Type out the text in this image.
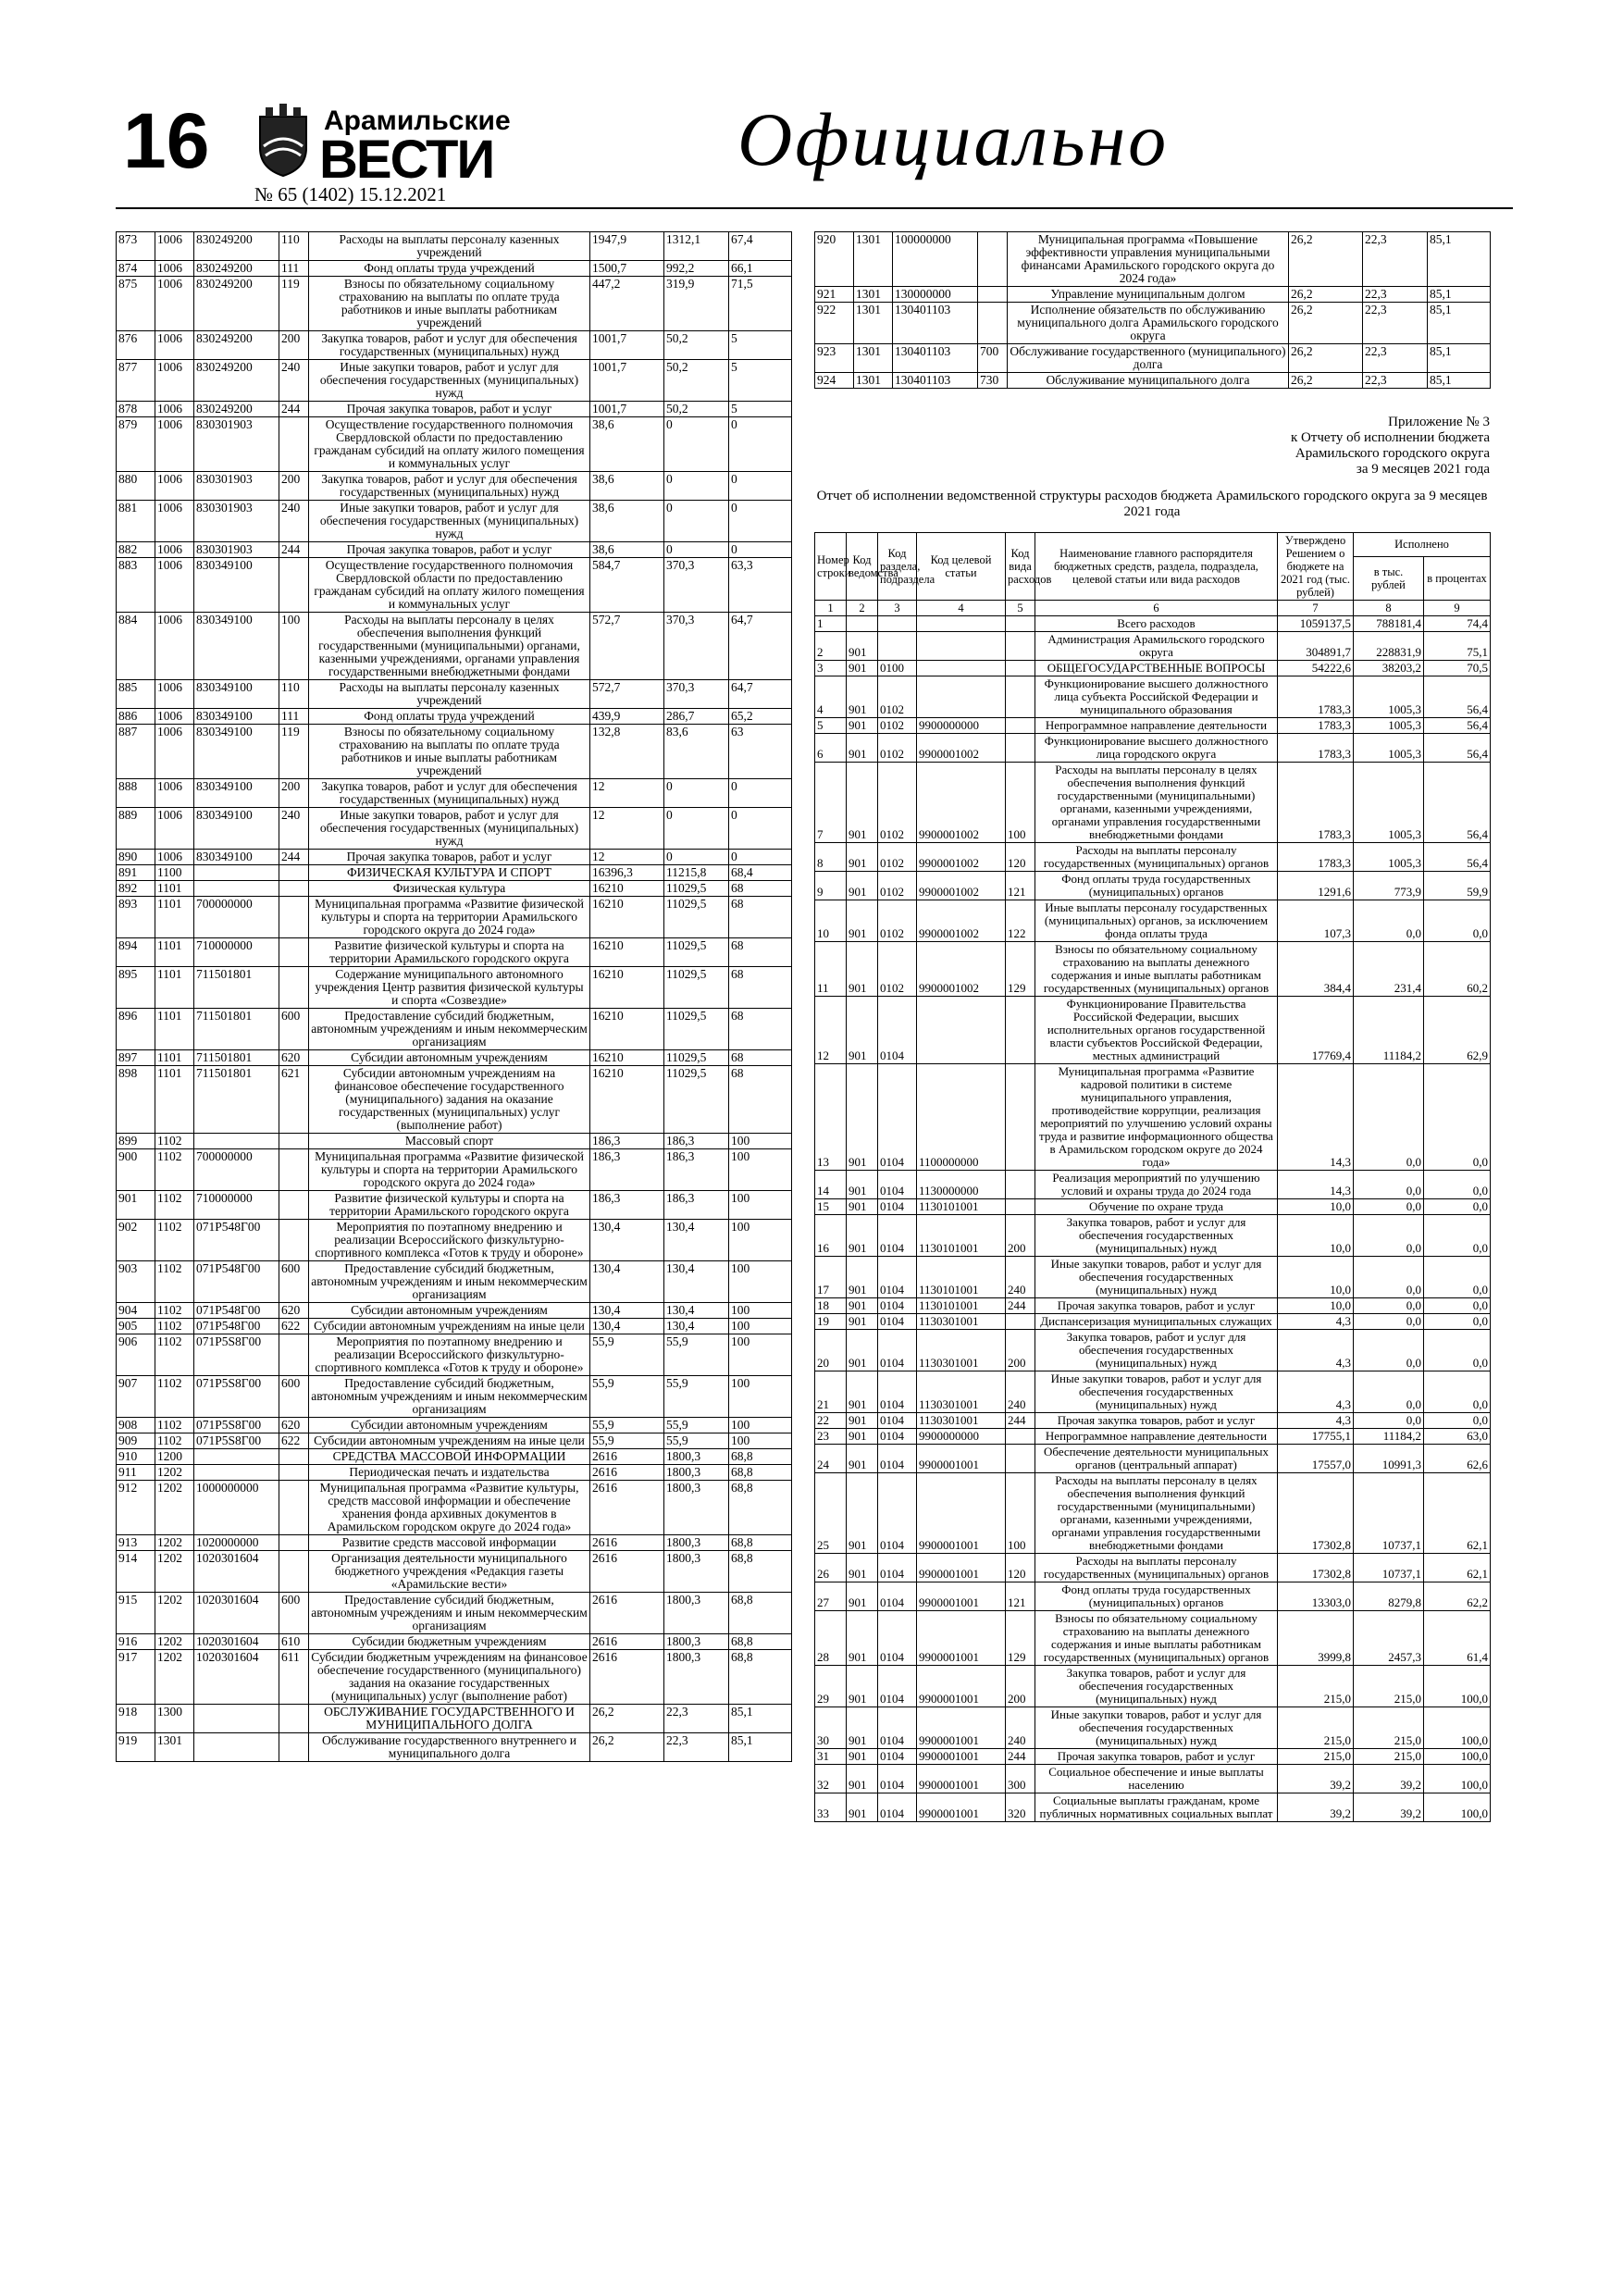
16	Арамильские
ВЕСТИ
№ 65 (1402) 15.12.2021
Официально
873	1006	830249200	110	Расходы на выплаты персоналу казенных учреждений	1947,9	1312,1	67,4
874	1006	830249200	111	Фонд оплаты труда учреждений	1500,7	992,2	66,1
875	1006	830249200	119	Взносы по обязательному социальному страхованию на выплаты по оплате труда работников и иные выплаты работникам учреждений	447,2	319,9	71,5
876	1006	830249200	200	Закупка товаров, работ и услуг для обеспечения государственных (муниципальных) нужд	1001,7	50,2	5
877	1006	830249200	240	Иные закупки товаров, работ и услуг для обеспечения государственных (муниципальных) нужд	1001,7	50,2	5
878	1006	830249200	244	Прочая закупка товаров, работ и услуг	1001,7	50,2	5
879	1006	830301903		Осуществление государственного полномочия Свердловской области по предоставлению гражданам субсидий на оплату жилого помещения и коммунальных услуг	38,6	0	0
880	1006	830301903	200	Закупка товаров, работ и услуг для обеспечения государственных (муниципальных) нужд	38,6	0	0
881	1006	830301903	240	Иные закупки товаров, работ и услуг для обеспечения государственных (муниципальных) нужд	38,6	0	0
882	1006	830301903	244	Прочая закупка товаров, работ и услуг	38,6	0	0
883	1006	830349100		Осуществление государственного полномочия Свердловской области по предоставлению гражданам субсидий на оплату жилого помещения и коммунальных услуг	584,7	370,3	63,3
884	1006	830349100	100	Расходы на выплаты персоналу в целях обеспечения выполнения функций государственными (муниципальными) органами, казенными учреждениями, органами управления государственными внебюджетными фондами	572,7	370,3	64,7
885	1006	830349100	110	Расходы на выплаты персоналу казенных учреждений	572,7	370,3	64,7
886	1006	830349100	111	Фонд оплаты труда учреждений	439,9	286,7	65,2
887	1006	830349100	119	Взносы по обязательному социальному страхованию на выплаты по оплате труда работников и иные выплаты работникам учреждений	132,8	83,6	63
888	1006	830349100	200	Закупка товаров, работ и услуг для обеспечения государственных (муниципальных) нужд	12	0	0
889	1006	830349100	240	Иные закупки товаров, работ и услуг для обеспечения государственных (муниципальных) нужд	12	0	0
890	1006	830349100	244	Прочая закупка товаров, работ и услуг	12	0	0
891	1100			ФИЗИЧЕСКАЯ КУЛЬТУРА И СПОРТ	16396,3	11215,8	68,4
892	1101			Физическая культура	16210	11029,5	68
893	1101	700000000		Муниципальная программа «Развитие физической культуры и спорта на территории Арамильского городского округа до 2024 года»	16210	11029,5	68
894	1101	710000000		Развитие физической культуры и спорта на территории Арамильского городского округа	16210	11029,5	68
895	1101	711501801		Содержание муниципального автономного учреждения Центр развития физической культуры и спорта «Созвездие»	16210	11029,5	68
896	1101	711501801	600	Предоставление субсидий бюджетным, автономным учреждениям и иным некоммерческим организациям	16210	11029,5	68
897	1101	711501801	620	Субсидии автономным учреждениям	16210	11029,5	68
898	1101	711501801	621	Субсидии автономным учреждениям на финансовое обеспечение государственного (муниципального) задания на оказание государственных (муниципальных) услуг (выполнение работ)	16210	11029,5	68
899	1102			Массовый спорт	186,3	186,3	100
900	1102	700000000		Муниципальная программа «Развитие физической культуры и спорта на территории Арамильского городского округа до 2024 года»	186,3	186,3	100
901	1102	710000000		Развитие физической культуры и спорта на территории Арамильского городского округа	186,3	186,3	100
902	1102	071Р548Г00		Мероприятия по поэтапному внедрению и реализации Всероссийского физкультурно-спортивного комплекса «Готов к труду и обороне»	130,4	130,4	100
903	1102	071Р548Г00	600	Предоставление субсидий бюджетным, автономным учреждениям и иным некоммерческим организациям	130,4	130,4	100
904	1102	071Р548Г00	620	Субсидии автономным учреждениям	130,4	130,4	100
905	1102	071Р548Г00	622	Субсидии автономным учреждениям на иные цели	130,4	130,4	100
906	1102	071Р5S8Г00		Мероприятия по поэтапному внедрению и реализации Всероссийского физкультурно-спортивного комплекса «Готов к труду и обороне»	55,9	55,9	100
907	1102	071Р5S8Г00	600	Предоставление субсидий бюджетным, автономным учреждениям и иным некоммерческим организациям	55,9	55,9	100
908	1102	071Р5S8Г00	620	Субсидии автономным учреждениям	55,9	55,9	100
909	1102	071Р5S8Г00	622	Субсидии автономным учреждениям на иные цели	55,9	55,9	100
910	1200			СРЕДСТВА МАССОВОЙ ИНФОРМАЦИИ	2616	1800,3	68,8
911	1202			Периодическая печать и издательства	2616	1800,3	68,8
912	1202	1000000000		Муниципальная программа «Развитие культуры, средств массовой информации и обеспечение хранения фонда архивных документов в Арамильском городском округе до 2024 года»	2616	1800,3	68,8
913	1202	1020000000		Развитие средств массовой информации	2616	1800,3	68,8
914	1202	1020301604		Организация деятельности муниципального бюджетного учреждения «Редакция газеты «Арамильские вести»	2616	1800,3	68,8
915	1202	1020301604	600	Предоставление субсидий бюджетным, автономным учреждениям и иным некоммерческим организациям	2616	1800,3	68,8
916	1202	1020301604	610	Субсидии бюджетным учреждениям	2616	1800,3	68,8
917	1202	1020301604	611	Субсидии бюджетным учреждениям на финансовое обеспечение государственного (муниципального) задания на оказание государственных (муниципальных) услуг (выполнение работ)	2616	1800,3	68,8
918	1300			ОБСЛУЖИВАНИЕ ГОСУДАРСТВЕННОГО И МУНИЦИПАЛЬНОГО ДОЛГА	26,2	22,3	85,1
919	1301			Обслуживание государственного внутреннего и муниципального долга	26,2	22,3	85,1
920	1301	100000000		Муниципальная программа «Повышение эффективности управления муниципальными финансами Арамильского городского округа до 2024 года»	26,2	22,3	85,1
921	1301	130000000		Управление муниципальным долгом	26,2	22,3	85,1
922	1301	130401103		Исполнение обязательств по обслуживанию муниципального долга Арамильского городского округа	26,2	22,3	85,1
923	1301	130401103	700	Обслуживание государственного (муниципального) долга	26,2	22,3	85,1
924	1301	130401103	730	Обслуживание муниципального долга	26,2	22,3	85,1
Приложение № 3
к Отчету об исполнении бюджета
Арамильского городского округа
за 9 месяцев 2021 года
Отчет об исполнении ведомственной структуры расходов бюджета Арамильского городского округа за 9 месяцев 2021 года
Номер строки	Код ведомства	Код раздела, подраздела	Код целевой статьи	Код вида расходов	Наименование главного распорядителя бюджетных средств, раздела, подраздела, целевой статьи или вида расходов	Утверждено Решением о бюджете на 2021 год (тыс. рублей)	Исполнено	
							в тыс. рублей	в процентах
1	2	3	4	5	6	7	8	9
1					Всего расходов	1059137,5	788181,4	74,4
2	901				Администрация Арамильского городского округа	304891,7	228831,9	75,1
3	901	0100			ОБЩЕГОСУДАРСТВЕННЫЕ ВОПРОСЫ	54222,6	38203,2	70,5
4	901	0102			Функционирование высшего должностного лица субъекта Российской Федерации и муниципального образования	1783,3	1005,3	56,4
5	901	0102	9900000000		Непрограммное направление деятельности	1783,3	1005,3	56,4
6	901	0102	9900001002		Функционирование высшего должностного лица городского округа	1783,3	1005,3	56,4
7	901	0102	9900001002	100	Расходы на выплаты персоналу в целях обеспечения выполнения функций государственными (муниципальными) органами, казенными учреждениями, органами управления государственными внебюджетными фондами	1783,3	1005,3	56,4
8	901	0102	9900001002	120	Расходы на выплаты персоналу государственных (муниципальных) органов	1783,3	1005,3	56,4
9	901	0102	9900001002	121	Фонд оплаты труда государственных (муниципальных) органов	1291,6	773,9	59,9
10	901	0102	9900001002	122	Иные выплаты персоналу государственных (муниципальных) органов, за исключением фонда оплаты труда	107,3	0,0	0,0
11	901	0102	9900001002	129	Взносы по обязательному социальному страхованию на выплаты денежного содержания и иные выплаты работникам государственных (муниципальных) органов	384,4	231,4	60,2
12	901	0104			Функционирование Правительства Российской Федерации, высших исполнительных органов государственной власти субъектов Российской Федерации, местных администраций	17769,4	11184,2	62,9
13	901	0104	1100000000		Муниципальная программа «Развитие кадровой политики в системе муниципального управления, противодействие коррупции, реализация мероприятий по улучшению условий охраны труда и развитие информационного общества в Арамильском городском округе до 2024 года»	14,3	0,0	0,0
14	901	0104	1130000000		Реализация мероприятий по улучшению условий и охраны труда до 2024 года	14,3	0,0	0,0
15	901	0104	1130101001		Обучение по охране труда	10,0	0,0	0,0
16	901	0104	1130101001	200	Закупка товаров, работ и услуг для обеспечения государственных (муниципальных) нужд	10,0	0,0	0,0
17	901	0104	1130101001	240	Иные закупки товаров, работ и услуг для обеспечения государственных (муниципальных) нужд	10,0	0,0	0,0
18	901	0104	1130101001	244	Прочая закупка товаров, работ и услуг	10,0	0,0	0,0
19	901	0104	1130301001		Диспансеризация муниципальных служащих	4,3	0,0	0,0
20	901	0104	1130301001	200	Закупка товаров, работ и услуг для обеспечения государственных (муниципальных) нужд	4,3	0,0	0,0
21	901	0104	1130301001	240	Иные закупки товаров, работ и услуг для обеспечения государственных (муниципальных) нужд	4,3	0,0	0,0
22	901	0104	1130301001	244	Прочая закупка товаров, работ и услуг	4,3	0,0	0,0
23	901	0104	9900000000		Непрограммное направление деятельности	17755,1	11184,2	63,0
24	901	0104	9900001001		Обеспечение деятельности муниципальных органов (центральный аппарат)	17557,0	10991,3	62,6
25	901	0104	9900001001	100	Расходы на выплаты персоналу в целях обеспечения выполнения функций государственными (муниципальными) органами, казенными учреждениями, органами управления государственными внебюджетными фондами	17302,8	10737,1	62,1
26	901	0104	9900001001	120	Расходы на выплаты персоналу государственных (муниципальных) органов	17302,8	10737,1	62,1
27	901	0104	9900001001	121	Фонд оплаты труда государственных (муниципальных) органов	13303,0	8279,8	62,2
28	901	0104	9900001001	129	Взносы по обязательному социальному страхованию на выплаты денежного содержания и иные выплаты работникам государственных (муниципальных) органов	3999,8	2457,3	61,4
29	901	0104	9900001001	200	Закупка товаров, работ и услуг для обеспечения государственных (муниципальных) нужд	215,0	215,0	100,0
30	901	0104	9900001001	240	Иные закупки товаров, работ и услуг для обеспечения государственных (муниципальных) нужд	215,0	215,0	100,0
31	901	0104	9900001001	244	Прочая закупка товаров, работ и услуг	215,0	215,0	100,0
32	901	0104	9900001001	300	Социальное обеспечение и иные выплаты населению	39,2	39,2	100,0
33	901	0104	9900001001	320	Социальные выплаты гражданам, кроме публичных нормативных социальных выплат	39,2	39,2	100,0
